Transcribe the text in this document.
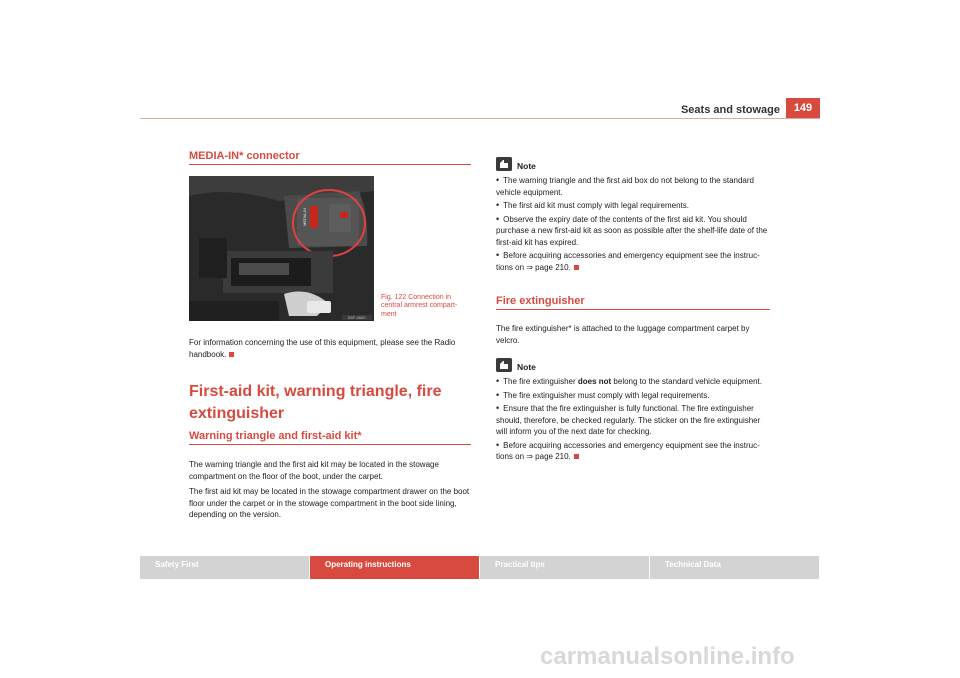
Seats and stowage	149
MEDIA-IN* connector
B5F-0680
MEDIA-IN
Fig. 122 Connection in central armrest compart-ment

For information concerning the use of this equipment, please see the Radio handbook.

First-aid kit, warning triangle, fire extinguisher
Warning triangle and first-aid kit*

The warning triangle and the first aid kit may be located in the stowage compartment on the floor of the boot, under the carpet.

The first aid kit may be located in the stowage compartment drawer on the boot floor under the carpet or in the stowage compartment in the boot side lining, depending on the version.

Note

• The warning triangle and the first aid box do not belong to the standard vehicle equipment.

• The first aid kit must comply with legal requirements.

• Observe the expiry date of the contents of the first aid kit. You should purchase a new first-aid kit as soon as possible after the shelf-life date of the first-aid kit has expired.

• Before acquiring accessories and emergency equipment see the instruc-tions on ⇒ page 210.

Fire extinguisher

The fire extinguisher* is attached to the luggage compartment carpet by velcro.

Note

• The fire extinguisher does not belong to the standard vehicle equipment.

• The fire extinguisher must comply with legal requirements.

• Ensure that the fire extinguisher is fully functional. The fire extinguisher should, therefore, be checked regularly. The sticker on the fire extinguisher will inform you of the next date for checking.

• Before acquiring accessories and emergency equipment see the instruc-tions on ⇒ page 210.

Safety First	Operating instructions	Practical tips	Technical Data
carmanualsonline.info
